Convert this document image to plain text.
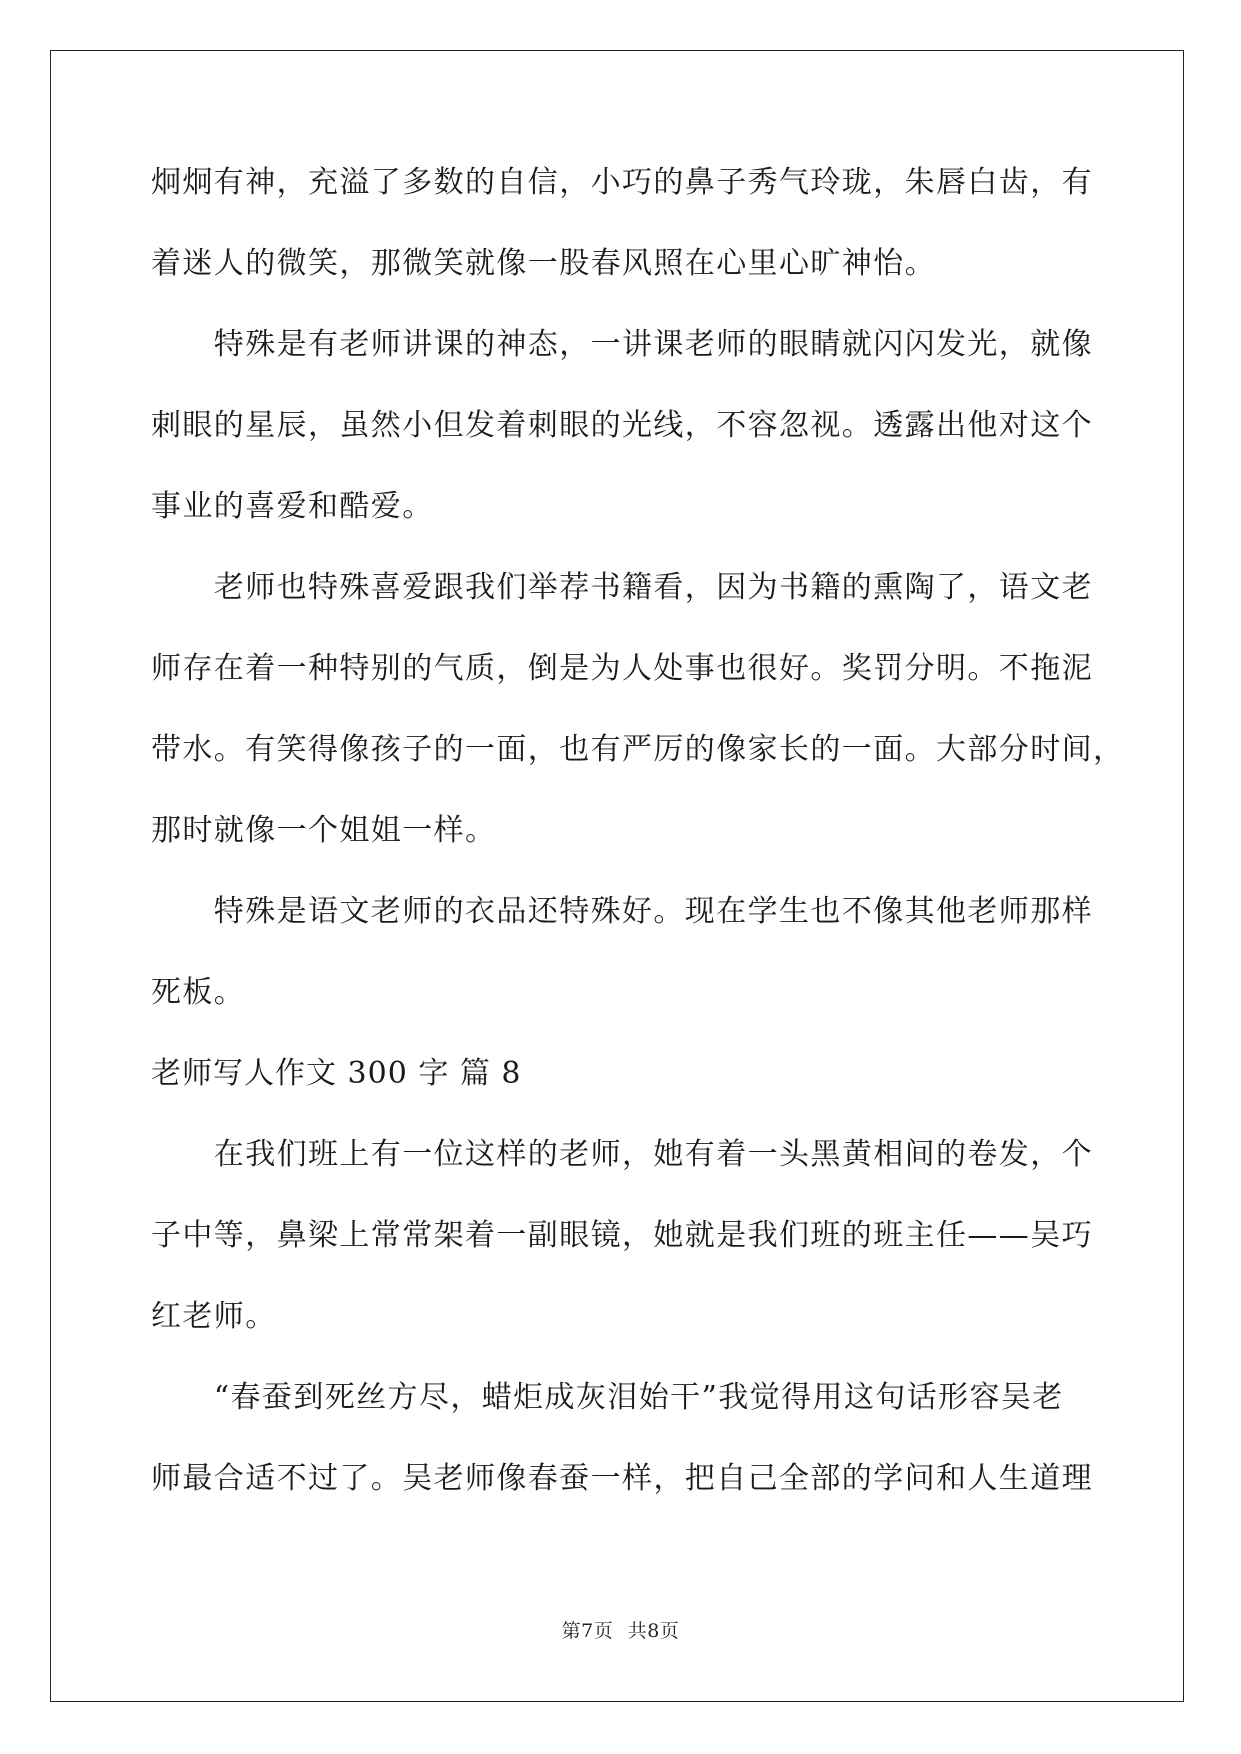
炯炯有神，充溢了多数的自信，小巧的鼻子秀气玲珑，朱唇白齿，有
着迷人的微笑，那微笑就像一股春风照在心里心旷神怡。
　　特殊是有老师讲课的神态，一讲课老师的眼睛就闪闪发光，就像
刺眼的星辰，虽然小但发着刺眼的光线，不容忽视。透露出他对这个
事业的喜爱和酷爱。
　　老师也特殊喜爱跟我们举荐书籍看，因为书籍的熏陶了，语文老
师存在着一种特别的气质，倒是为人处事也很好。奖罚分明。不拖泥
带水。有笑得像孩子的一面，也有严厉的像家长的一面。大部分时间，
那时就像一个姐姐一样。
　　特殊是语文老师的衣品还特殊好。现在学生也不像其他老师那样
死板。
老师写人作文 300 字 篇 8
　　在我们班上有一位这样的老师，她有着一头黑黄相间的卷发，个
子中等，鼻梁上常常架着一副眼镜，她就是我们班的班主任——吴巧
红老师。
　　“春蚕到死丝方尽，蜡炬成灰泪始干”我觉得用这句话形容吴老
师最合适不过了。吴老师像春蚕一样，把自己全部的学问和人生道理
第7页 共8页
